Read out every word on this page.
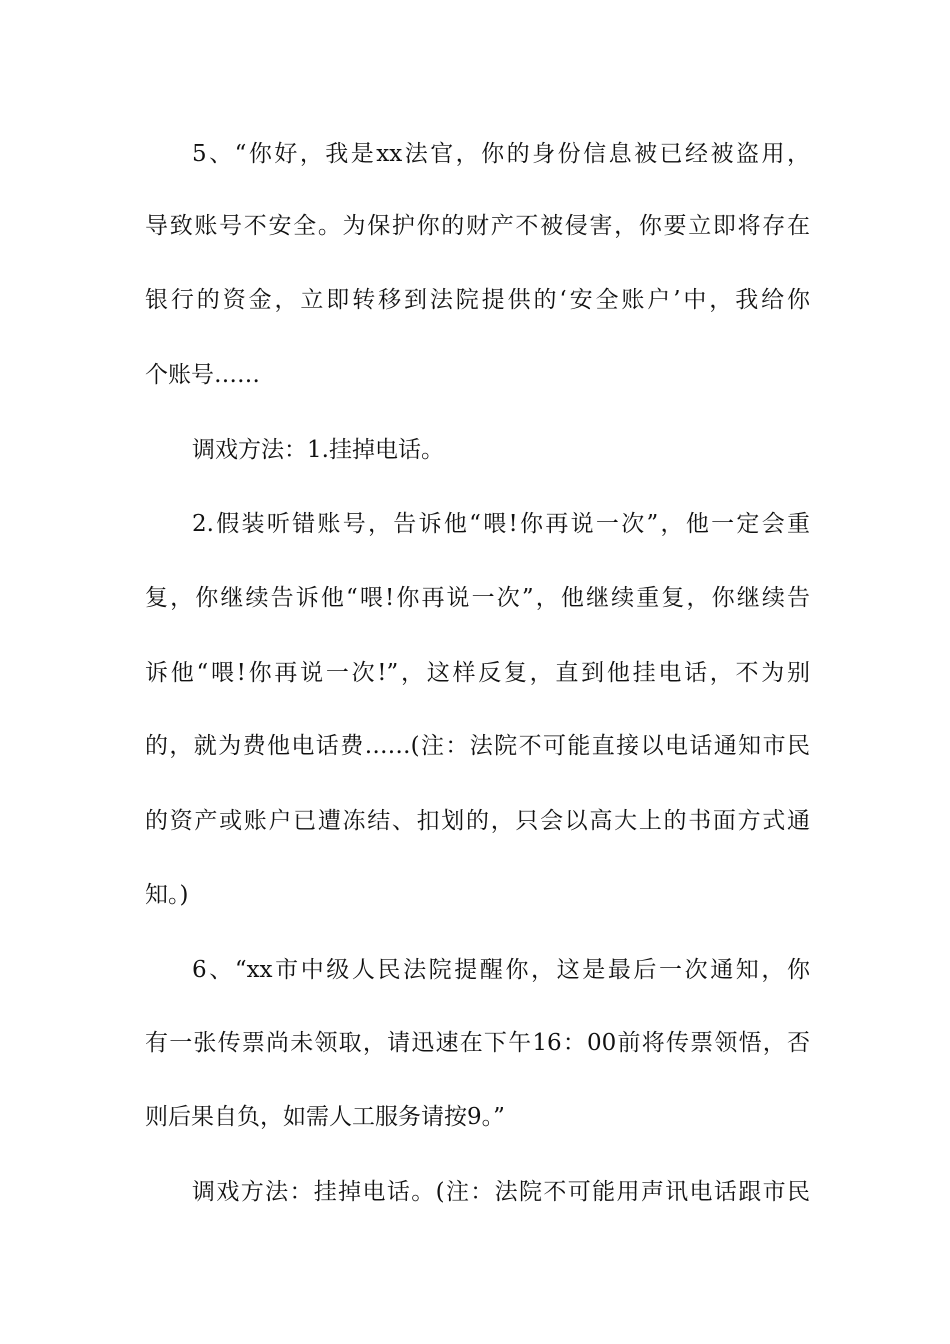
5、“你好，我是xx法官，你的身份信息被已经被盗用，
导致账号不安全。为保护你的财产不被侵害，你要立即将存在
银行的资金，立即转移到法院提供的‘安全账户’中，我给你
个账号……
调戏方法：1.挂掉电话。
2.假装听错账号，告诉他“喂!你再说一次”，他一定会重
复，你继续告诉他“喂!你再说一次”，他继续重复，你继续告
诉他“喂!你再说一次!”，这样反复，直到他挂电话，不为别
的，就为费他电话费……(注：法院不可能直接以电话通知市民
的资产或账户已遭冻结、扣划的，只会以高大上的书面方式通
知。)
6、“xx市中级人民法院提醒你，这是最后一次通知，你
有一张传票尚未领取，请迅速在下午16：00前将传票领悟，否
则后果自负，如需人工服务请按9。”
调戏方法：挂掉电话。(注：法院不可能用声讯电话跟市民
